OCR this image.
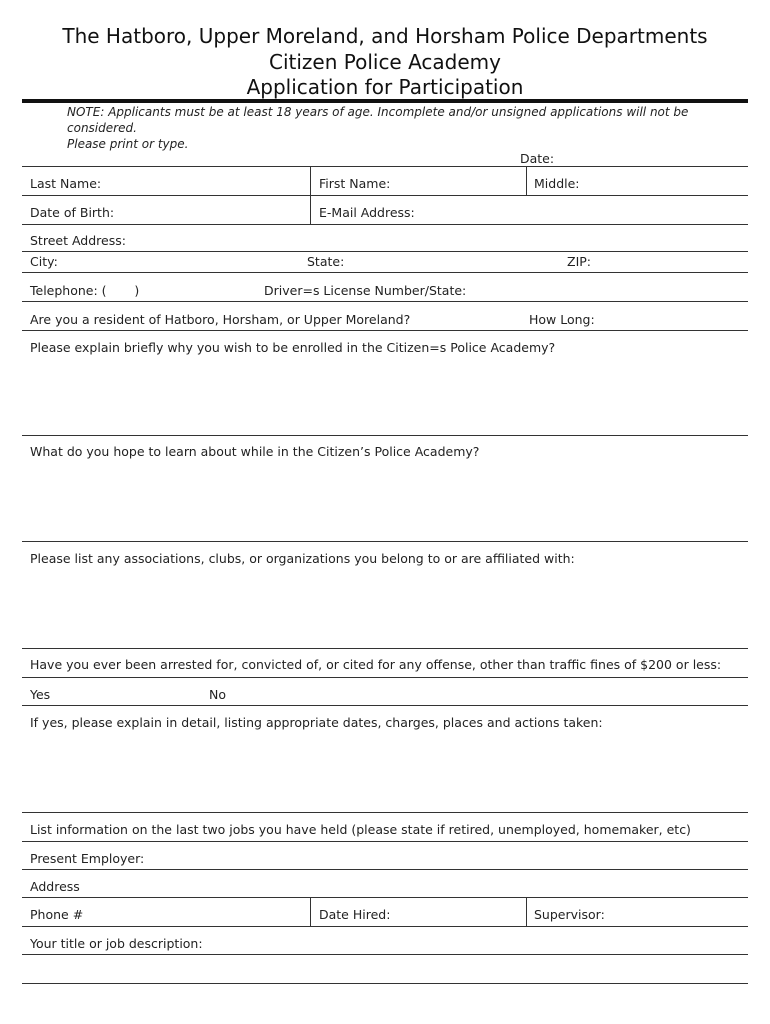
The Hatboro, Upper Moreland, and Horsham Police Departments
Citizen Police Academy
Application for Participation
NOTE: Applicants must be at least 18 years of age. Incomplete and/or unsigned applications will not be
considered.
Please print or type.
Date:
Last Name:	First Name:	Middle:
Date of Birth:	E-Mail Address:
Street Address:
City:	State:	ZIP:
Telephone: (       )	Driver=s License Number/State:
Are you a resident of Hatboro, Horsham, or Upper Moreland?	How Long:
Please explain briefly why you wish to be enrolled in the Citizen=s Police Academy?
What do you hope to learn about while in the Citizen’s Police Academy?
Please list any associations, clubs, or organizations you belong to or are affiliated with:
Have you ever been arrested for, convicted of, or cited for any offense, other than traffic fines of $200 or less:
Yes	No
If yes, please explain in detail, listing appropriate dates, charges, places and actions taken:
List information on the last two jobs you have held (please state if retired, unemployed, homemaker, etc)
Present Employer:
Address
Phone #	Date Hired:	Supervisor:
Your title or job description:
